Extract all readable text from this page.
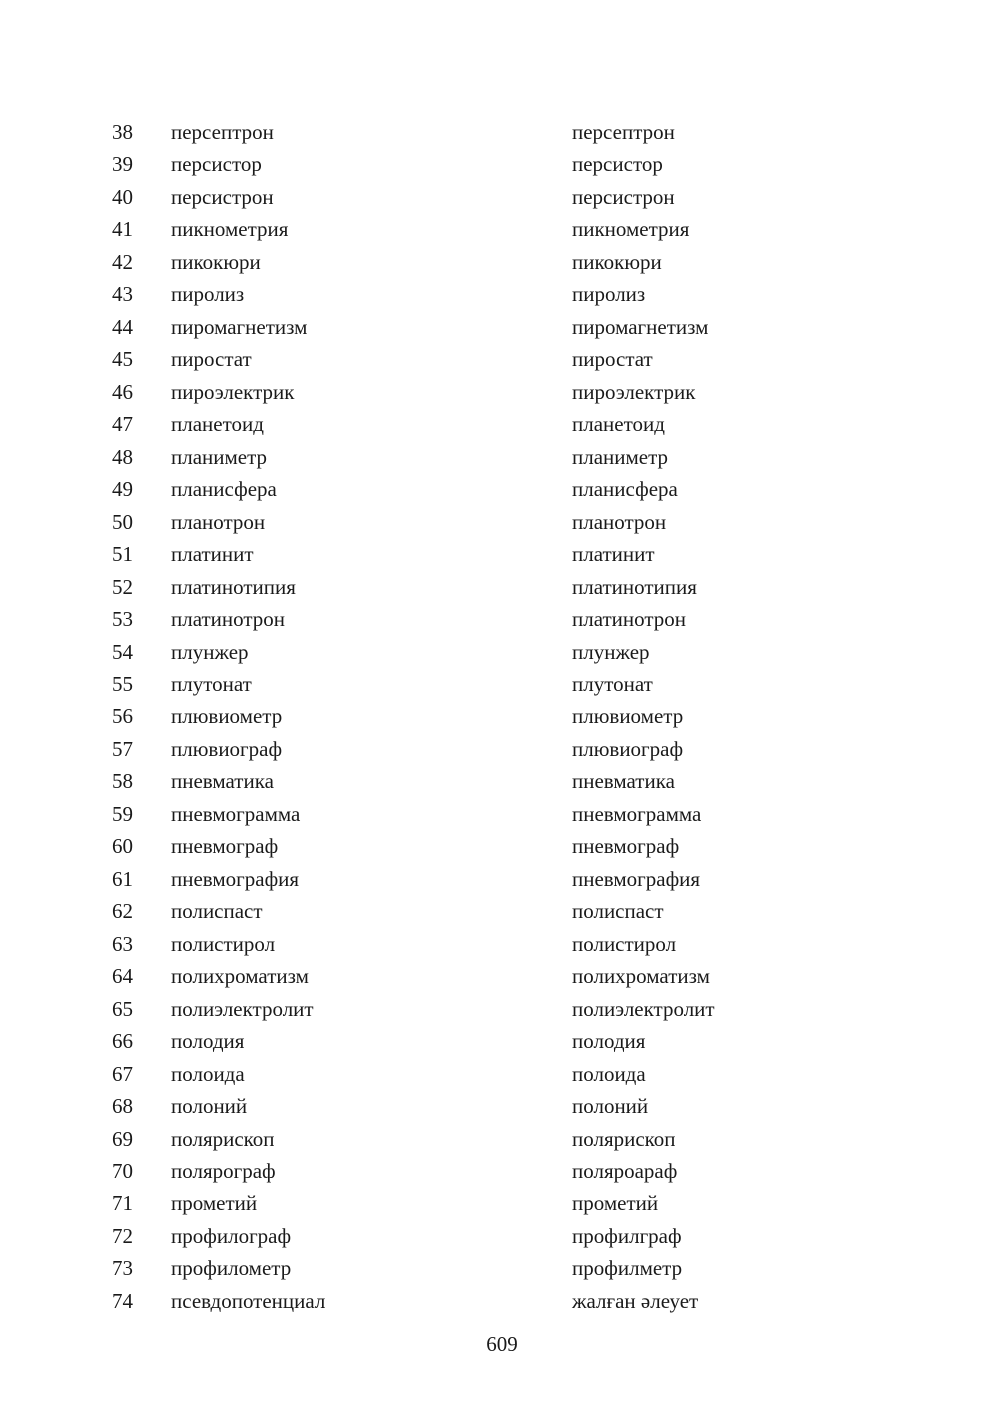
38 персептрон	персептрон
39 персистор	персистор
40 персистрон	персистрон
41 пикнометрия	пикнометрия
42 пикокюри	пикокюри
43 пиролиз	пиролиз
44 пиромагнетизм	пиромагнетизм
45 пиростат	пиростат
46 пироэлектрик	пироэлектрик
47 планетоид	планетоид
48 планиметр	планиметр
49 планисфера	планисфера
50 планотрон	планотрон
51 платинит	платинит
52 платинотипия	платинотипия
53 платинотрон	платинотрон
54 плунжер	плунжер
55 плутонат	плутонат
56 плювиометр	плювиометр
57 плювиограф	плювиограф
58 пневматика	пневматика
59 пневмограмма	пневмограмма
60 пневмограф	пневмограф
61 пневмография	пневмография
62 полиспаст	полиспаст
63 полистирол	полистирол
64 полихроматизм	полихроматизм
65 полиэлектролит	полиэлектролит
66 полодия	полодия
67 полоида	полоида
68 полоний	полоний
69 полярископ	полярископ
70 полярограф	поляроараф
71 прометий	прометий
72 профилограф	профилграф
73 профилометр	профилметр
74 псевдопотенциал	жалған әлеует
609
